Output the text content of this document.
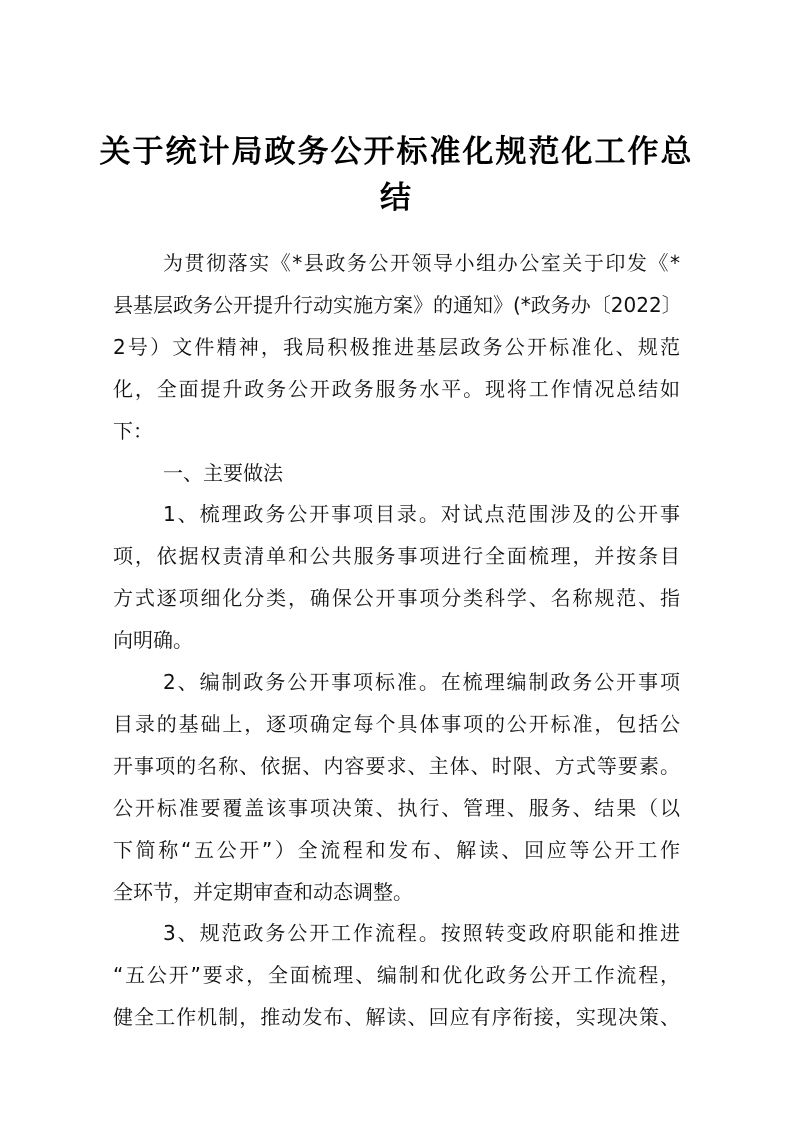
关于统计局政务公开标准化规范化工作总
结
为贯彻落实《*县政务公开领导小组办公室关于印发《*
县基层政务公开提升行动实施方案》的通知》(*政务办〔2022〕
2号）文件精神，我局积极推进基层政务公开标准化、规范
化，全面提升政务公开政务服务水平。现将工作情况总结如
下：
一、主要做法
1、梳理政务公开事项目录。对试点范围涉及的公开事
项，依据权责清单和公共服务事项进行全面梳理，并按条目
方式逐项细化分类，确保公开事项分类科学、名称规范、指
向明确。
2、编制政务公开事项标准。在梳理编制政务公开事项
目录的基础上，逐项确定每个具体事项的公开标准，包括公
开事项的名称、依据、内容要求、主体、时限、方式等要素。
公开标准要覆盖该事项决策、执行、管理、服务、结果（以
下简称“五公开”）全流程和发布、解读、回应等公开工作
全环节，并定期审查和动态调整。
3、规范政务公开工作流程。按照转变政府职能和推进
“五公开”要求，全面梳理、编制和优化政务公开工作流程，
健全工作机制，推动发布、解读、回应有序衔接，实现决策、
